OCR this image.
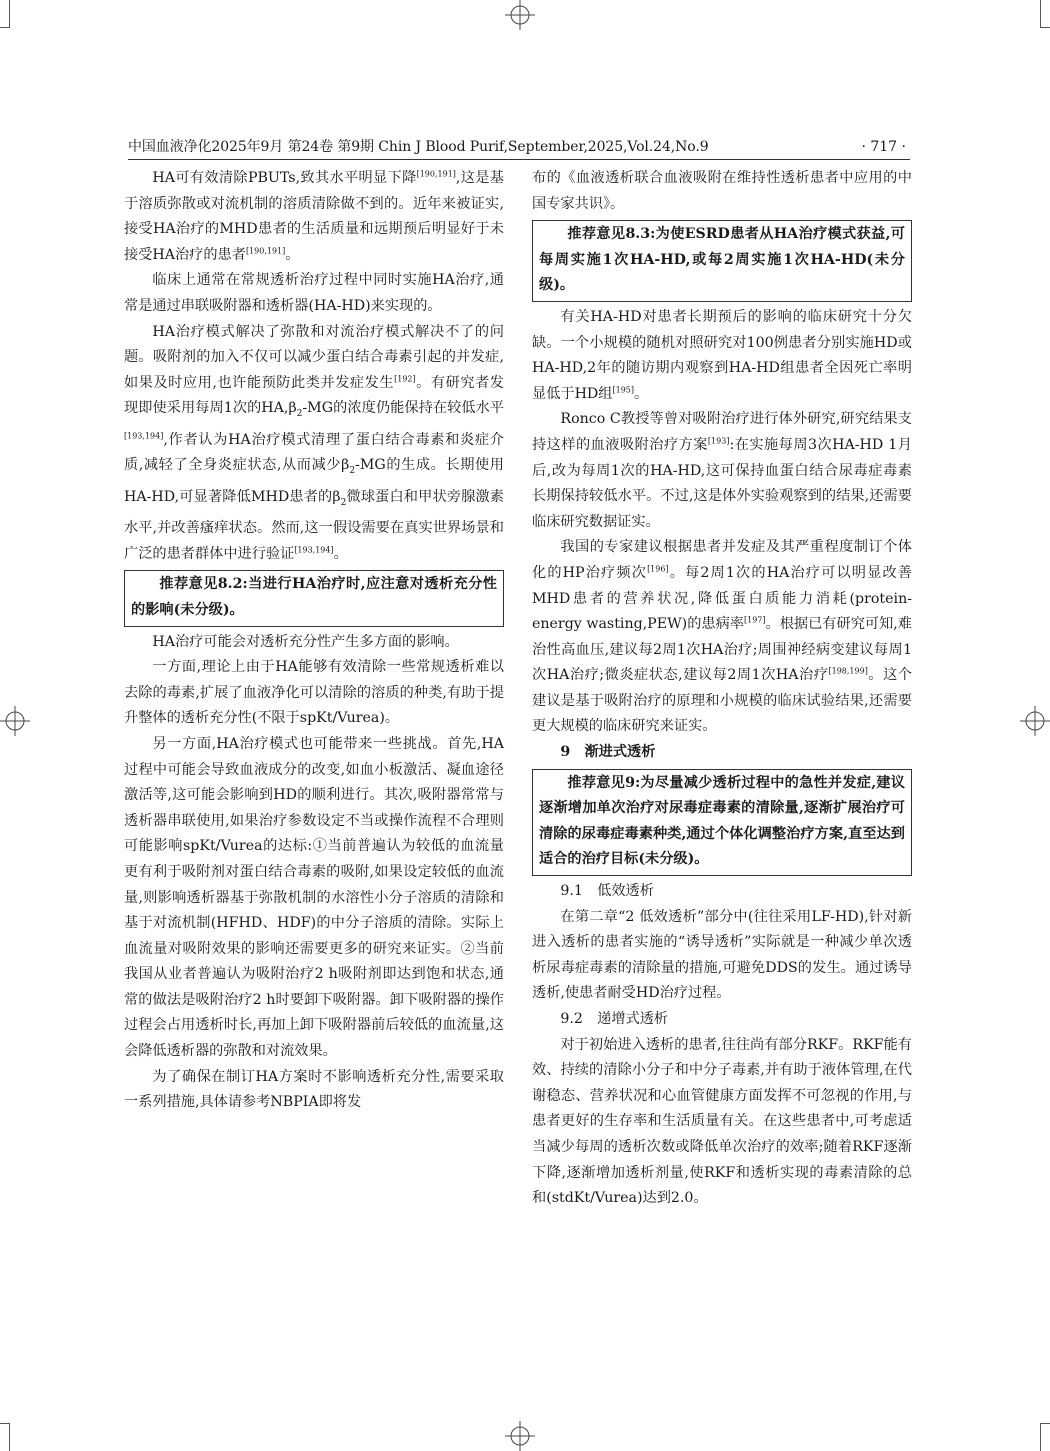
中国血液净化2025年9月 第24卷 第9期 Chin J Blood Purif,September,2025,Vol.24,No.9	· 717 ·

HA可有效清除PBUTs,致其水平明显下降[190,191],这是基于溶质弥散或对流机制的溶质清除做不到的。近年来被证实,接受HA治疗的MHD患者的生活质量和远期预后明显好于未接受HA治疗的患者[190,191]。

临床上通常在常规透析治疗过程中同时实施HA治疗,通常是通过串联吸附器和透析器(HA-HD)来实现的。

HA治疗模式解决了弥散和对流治疗模式解决不了的问题。吸附剂的加入不仅可以减少蛋白结合毒素引起的并发症,如果及时应用,也许能预防此类并发症发生[192]。有研究者发现即使采用每周1次的$HA,\beta_2-MG$的浓度仍能保持在较低水平[193,194],作者认为HA治疗模式清理了蛋白结合毒素和炎症介质,减轻了全身炎症状态,从而减少$\beta_2-MG$的生成。长期使用HA-HD,可显著降低MHD患者的$\beta_2$微球蛋白和甲状旁腺激素水平,并改善瘙痒状态。然而,这一假设需要在真实世界场景和广泛的患者群体中进行验证[193,194]。

推荐意见8.2:当进行HA治疗时,应注意对透析充分性的影响(未分级)。

HA治疗可能会对透析充分性产生多方面的影响。

一方面,理论上由于HA能够有效清除一些常规透析难以去除的毒素,扩展了血液净化可以清除的溶质的种类,有助于提升整体的透析充分性(不限于spKt/Vurea)。

另一方面,HA治疗模式也可能带来一些挑战。首先,HA过程中可能会导致血液成分的改变,如血小板激活、凝血途径激活等,这可能会影响到HD的顺利进行。其次,吸附器常常与透析器串联使用,如果治疗参数设定不当或操作流程不合理则可能影响spKt/Vurea的达标:①当前普遍认为较低的血流量更有利于吸附剂对蛋白结合毒素的吸附,如果设定较低的血流量,则影响透析器基于弥散机制的水溶性小分子溶质的清除和基于对流机制(HFHD、HDF)的中分子溶质的清除。实际上血流量对吸附效果的影响还需要更多的研究来证实。②当前我国从业者普遍认为吸附治疗2 h吸附剂即达到饱和状态,通常的做法是吸附治疗2 h时要卸下吸附器。卸下吸附器的操作过程会占用透析时长,再加上卸下吸附器前后较低的血流量,这会降低透析器的弥散和对流效果。

为了确保在制订HA方案时不影响透析充分性,需要采取一系列措施,具体请参考NBPIA即将发

布的《血液透析联合血液吸附在维持性透析患者中应用的中国专家共识》。

推荐意见8.3:为使ESRD患者从HA治疗模式获益,可每周实施1次HA-HD,或每2周实施1次HA-HD(未分级)。

有关HA-HD对患者长期预后的影响的临床研究十分欠缺。一个小规模的随机对照研究对100例患者分别实施HD或HA-HD,2年的随访期内观察到HA-HD组患者全因死亡率明显低于HD组[195]。

Ronco C教授等曾对吸附治疗进行体外研究,研究结果支持这样的血液吸附治疗方案[193]:在实施每周3次HA-HD 1月后,改为每周1次的HA-HD,这可保持血蛋白结合尿毒症毒素长期保持较低水平。不过,这是体外实验观察到的结果,还需要临床研究数据证实。

我国的专家建议根据患者并发症及其严重程度制订个体化的HP治疗频次[196]。每2周1次的HA治疗可以明显改善MHD患者的营养状况,降低蛋白质能力消耗(protein-energy wasting,PEW)的患病率[197]。根据已有研究可知,难治性高血压,建议每2周1次HA治疗;周围神经病变建议每周1次HA治疗;微炎症状态,建议每2周1次HA治疗[198,199]。这个建议是基于吸附治疗的原理和小规模的临床试验结果,还需要更大规模的临床研究来证实。

9　渐进式透析

推荐意见9:为尽量减少透析过程中的急性并发症,建议逐渐增加单次治疗对尿毒症毒素的清除量,逐渐扩展治疗可清除的尿毒症毒素种类,通过个体化调整治疗方案,直至达到适合的治疗目标(未分级)。

9.1　低效透析

在第二章“2 低效透析”部分中(往往采用LF-HD),针对新进入透析的患者实施的“诱导透析”实际就是一种减少单次透析尿毒症毒素的清除量的措施,可避免DDS的发生。通过诱导透析,使患者耐受HD治疗过程。

9.2　递增式透析

对于初始进入透析的患者,往往尚有部分RKF。RKF能有效、持续的清除小分子和中分子毒素,并有助于液体管理,在代谢稳态、营养状况和心血管健康方面发挥不可忽视的作用,与患者更好的生存率和生活质量有关。在这些患者中,可考虑适当减少每周的透析次数或降低单次治疗的效率;随着RKF逐渐下降,逐渐增加透析剂量,使RKF和透析实现的毒素清除的总和(stdKt/Vurea)达到2.0。
